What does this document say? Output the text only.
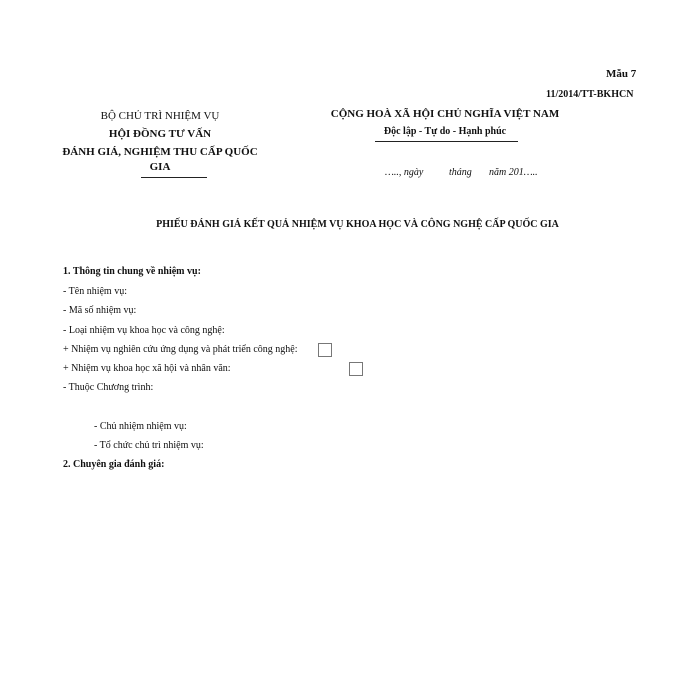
Mẫu 7
11/2014/TT-BKHCN
BỘ CHỦ TRÌ NHIỆM VỤ
HỘI ĐỒNG TƯ VẤN
ĐÁNH GIÁ, NGHIỆM THU CẤP QUỐC
GIA
CỘNG HOÀ XÃ HỘI CHỦ NGHĨA VIỆT NAM
Độc lập - Tự do - Hạnh phúc
….., ngày	tháng năm 201…..
PHIẾU ĐÁNH GIÁ KẾT QUẢ NHIỆM VỤ KHOA HỌC VÀ CÔNG NGHỆ CẤP QUỐC GIA
1. Thông tin chung về nhiệm vụ:
- Tên nhiệm vụ:
- Mã số nhiệm vụ:
- Loại nhiệm vụ khoa học và công nghệ:
+ Nhiệm vụ nghiên cứu ứng dụng và phát triển công nghệ:
+ Nhiệm vụ khoa học xã hội và nhân văn:
- Thuộc Chương trình:
- Chủ nhiệm nhiệm vụ:
- Tổ chức chủ trì nhiệm vụ:
2. Chuyên gia đánh giá:
